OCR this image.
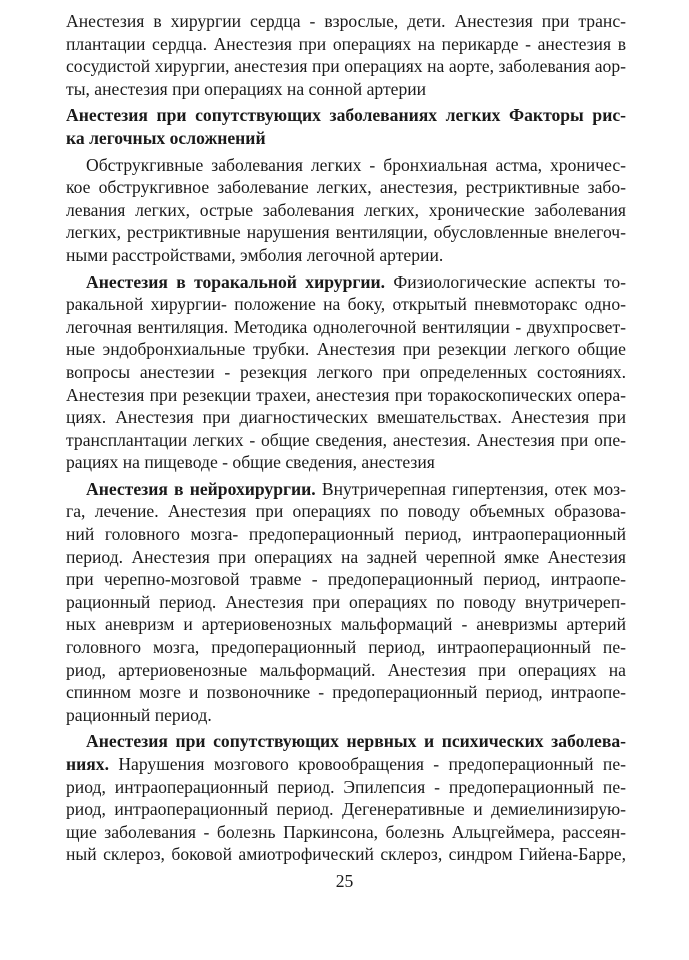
Анестезия в хирургии сердца - взрослые, дети. Анестезия при транс-
плантации сердца. Анестезия при операциях на перикарде - анестезия в
сосудистой хирургии, анестезия при операциях на аорте, заболевания аор-
ты, анестезия при операциях на сонной артерии
Анестезия при сопутствующих заболеваниях легких Факторы рис-
ка легочных осложнений
Обструкгивные заболевания легких - бронхиальная астма, хроничес-
кое обструкгивное заболевание легких, анестезия, рестриктивные забо-
левания легких, острые заболевания легких, хронические заболевания
легких, рестриктивные нарушения вентиляции, обусловленные внелегоч-
ными расстройствами, эмболия легочной артерии.
Анестезия в торакальной хирургии. Физиологические аспекты то-
ракальной хирургии- положение на боку, открытый пневмоторакс одно-
легочная вентиляция. Методика однолегочной вентиляции - двухпросвет-
ные эндобронхиальные трубки. Анестезия при резекции легкого общие
вопросы анестезии - резекция легкого при определенных состояниях.
Анестезия при резекции трахеи, анестезия при торакоскопических опера-
циях. Анестезия при диагностических вмешательствах. Анестезия при
трансплантации легких - общие сведения, анестезия. Анестезия при опе-
рациях на пищеводе - общие сведения, анестезия
Анестезия в нейрохирургии. Внутричерепная гипертензия, отек моз-
га, лечение. Анестезия при операциях по поводу объемных образова-
ний головного мозга- предоперационный период, интраоперационный
период. Анестезия при операциях на задней черепной ямке Анестезия
при черепно-мозговой травме - предоперационный период, интраопе-
рационный период. Анестезия при операциях по поводу внутричереп-
ных аневризм и артериовенозных мальформаций - аневризмы артерий
головного мозга, предоперационный период, интраоперационный пе-
риод, артериовенозные мальформаций. Анестезия при операциях на
спинном мозге и позвоночнике - предоперационный период, интраопе-
рационный период.
Анестезия при сопутствующих нервных и психических заболева-
ниях. Нарушения мозгового кровообращения - предоперационный пе-
риод, интраоперационный период. Эпилепсия - предоперационный пе-
риод, интраоперационный период. Дегенеративные и демиелинизирую-
щие заболевания - болезнь Паркинсона, болезнь Альцгеймера, рассеян-
ный склероз, боковой амиотрофический склероз, синдром Гийена-Барре,
25
